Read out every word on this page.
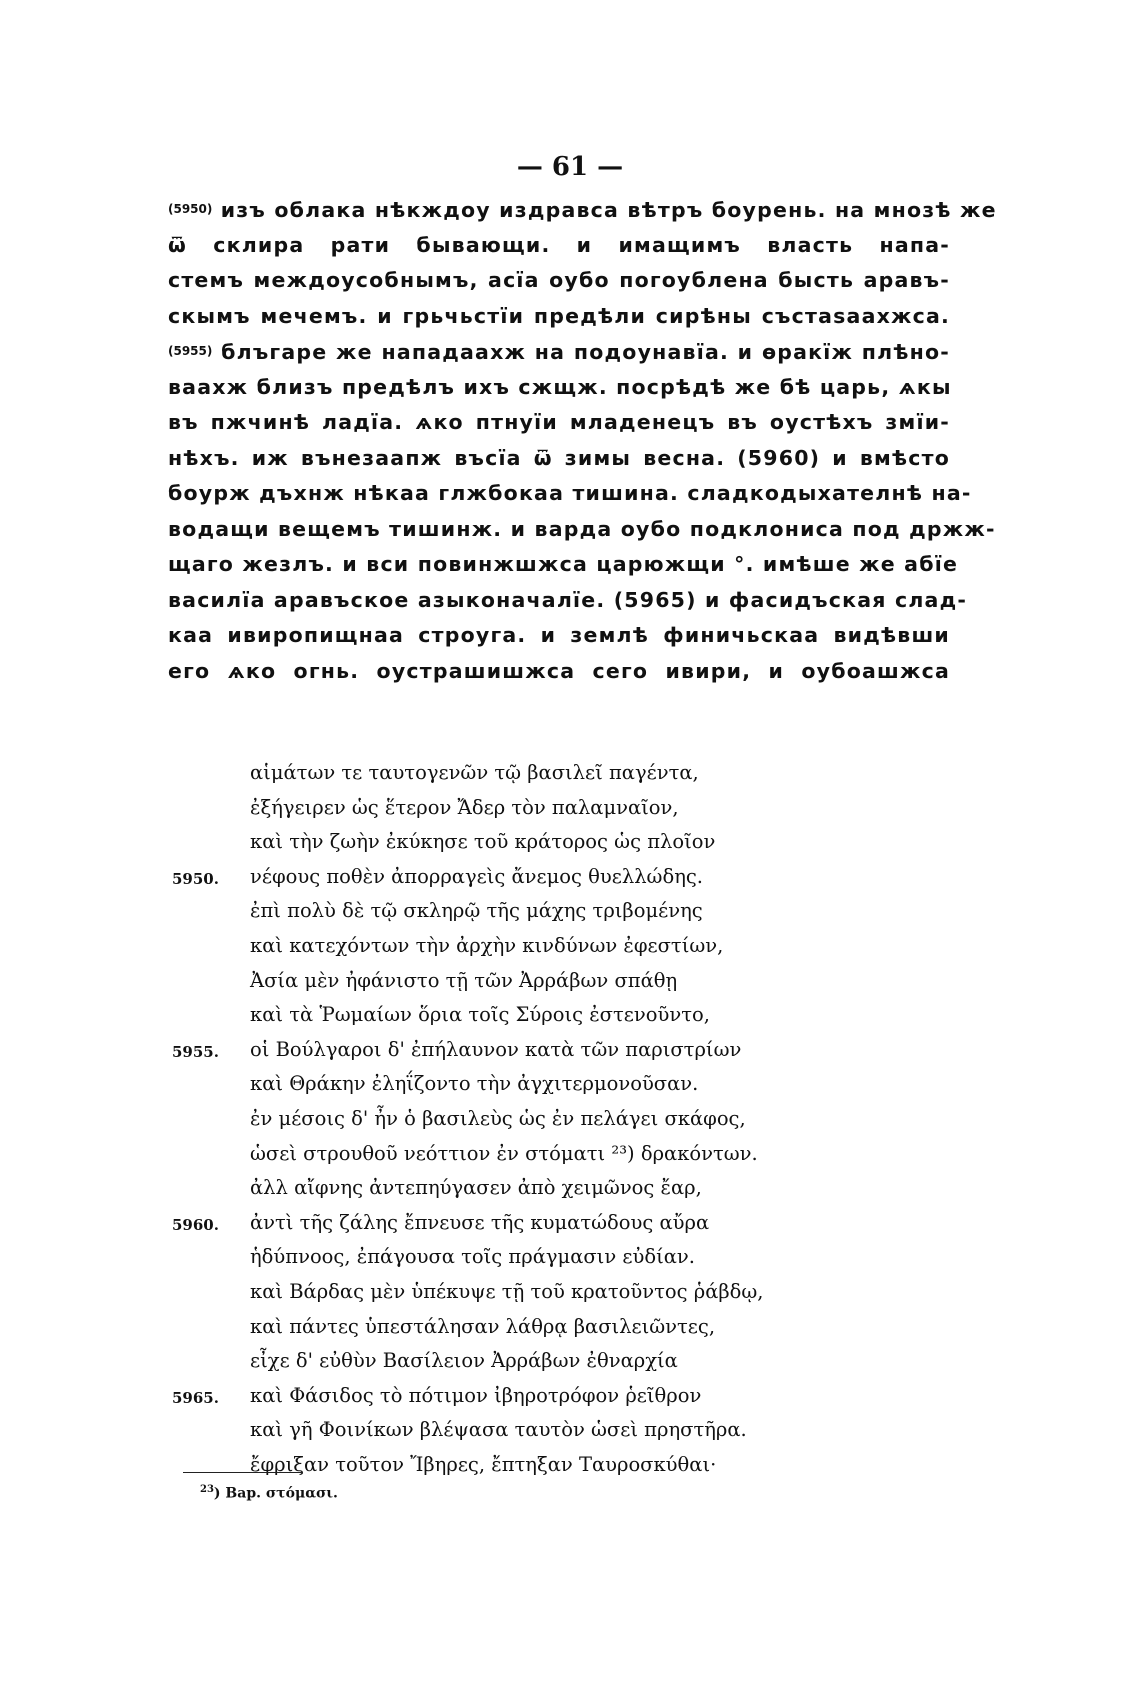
— 61 —
(5950) изъ облака нѣкждоу издравса вѣтръ боурень. на мнозѣ же
ѿ склира рати бывающи. и имащимъ власть напа-
стемъ междоусобнымъ, асїа оубо погоублена бысть аравъ-
скымъ мечемъ. и грьчьстїи предѣли сирѣны състаsаахжса.
(5955) блъгаре же нападаахж на подоунавїа. и ѳракїж плѣно-
ваахж близъ предѣлъ ихъ сжщж. посрѣдѣ же бѣ царь, ѧкы
въ пжчинѣ ладїа. ѧко птнуїи младенецъ въ оустѣхъ змїи-
нѣхъ. иж вънезаапж въсїа ѿ зимы весна. (5960) и вмѣсто
боурж дъхнж нѣкаа глжбокаа тишина. сладкодыхателнѣ на-
водащи вещемъ тишинж. и варда оубо подклониса под држж-
щаго жезлъ. и вси повинжшжса царюжщи °. имѣше же абїе
василїа аравъское азыконачалїе. (5965) и фасидъская слад-
каа ивиропищнаа строуга. и землѣ финичьскаа видѣвши
его ѧко огнь. оустрашишжса сего ивири, и оубоашжса
αἱμάτων τε ταυτογενῶν τῷ βασιλεῖ παγέντα,
ἐξήγειρεν ὡς ἕτερον Ἄδερ τὸν παλαμναῖον,
καὶ τὴν ζωὴν ἐκύκησε τοῦ κράτορος ὡς πλοῖον
5950. νέφους ποθὲν ἀπορραγεὶς ἄνεμος θυελλώδης.
ἐπὶ πολὺ δὲ τῷ σκληρῷ τῆς μάχης τριβομένης
καὶ κατεχόντων τὴν ἀρχὴν κινδύνων ἐφεστίων,
Ἀσία μὲν ἠφάνιστο τῇ τῶν Ἀρράβων σπάθῃ
καὶ τὰ Ῥωμαίων ὅρια τοῖς Σύροις ἐστενοῦντο,
5955. οἱ Βούλγαροι δ' ἐπήλαυνον κατὰ τῶν παριστρίων
καὶ Θράκην ἐληΐζοντο τὴν ἀγχιτερμονοῦσαν.
ἐν μέσοις δ' ἦν ὁ βασιλεὺς ὡς ἐν πελάγει σκάφος,
ὡσεὶ στρουθοῦ νεόττιον ἐν στόματι ²³) δρακόντων.
ἀλλ αἴφνης ἀντεπηύγασεν ἀπὸ χειμῶνος ἔαρ,
5960. ἀντὶ τῆς ζάλης ἔπνευσε τῆς κυματώδους αὔρα
ἡδύπνοος, ἐπάγουσα τοῖς πράγμασιν εὐδίαν.
καὶ Βάρδας μὲν ὑπέκυψε τῇ τοῦ κρατοῦντος ῥάβδῳ,
καὶ πάντες ὑπεστάλησαν λάθρᾳ βασιλειῶντες,
εἶχε δ' εὐθὺν Βασίλειον Ἀρράβων ἐθναρχία
5965. καὶ Φάσιδος τὸ πότιμον ἰβηροτρόφον ῥεῖθρον
καὶ γῆ Φοινίκων βλέψασα ταυτὸν ὡσεὶ πρηστῆρα.
ἔφριξαν τοῦτον Ἴβηρες, ἔπτηξαν Ταυροσκύθαι·
$^{23}$) Вар. στόμασι.
